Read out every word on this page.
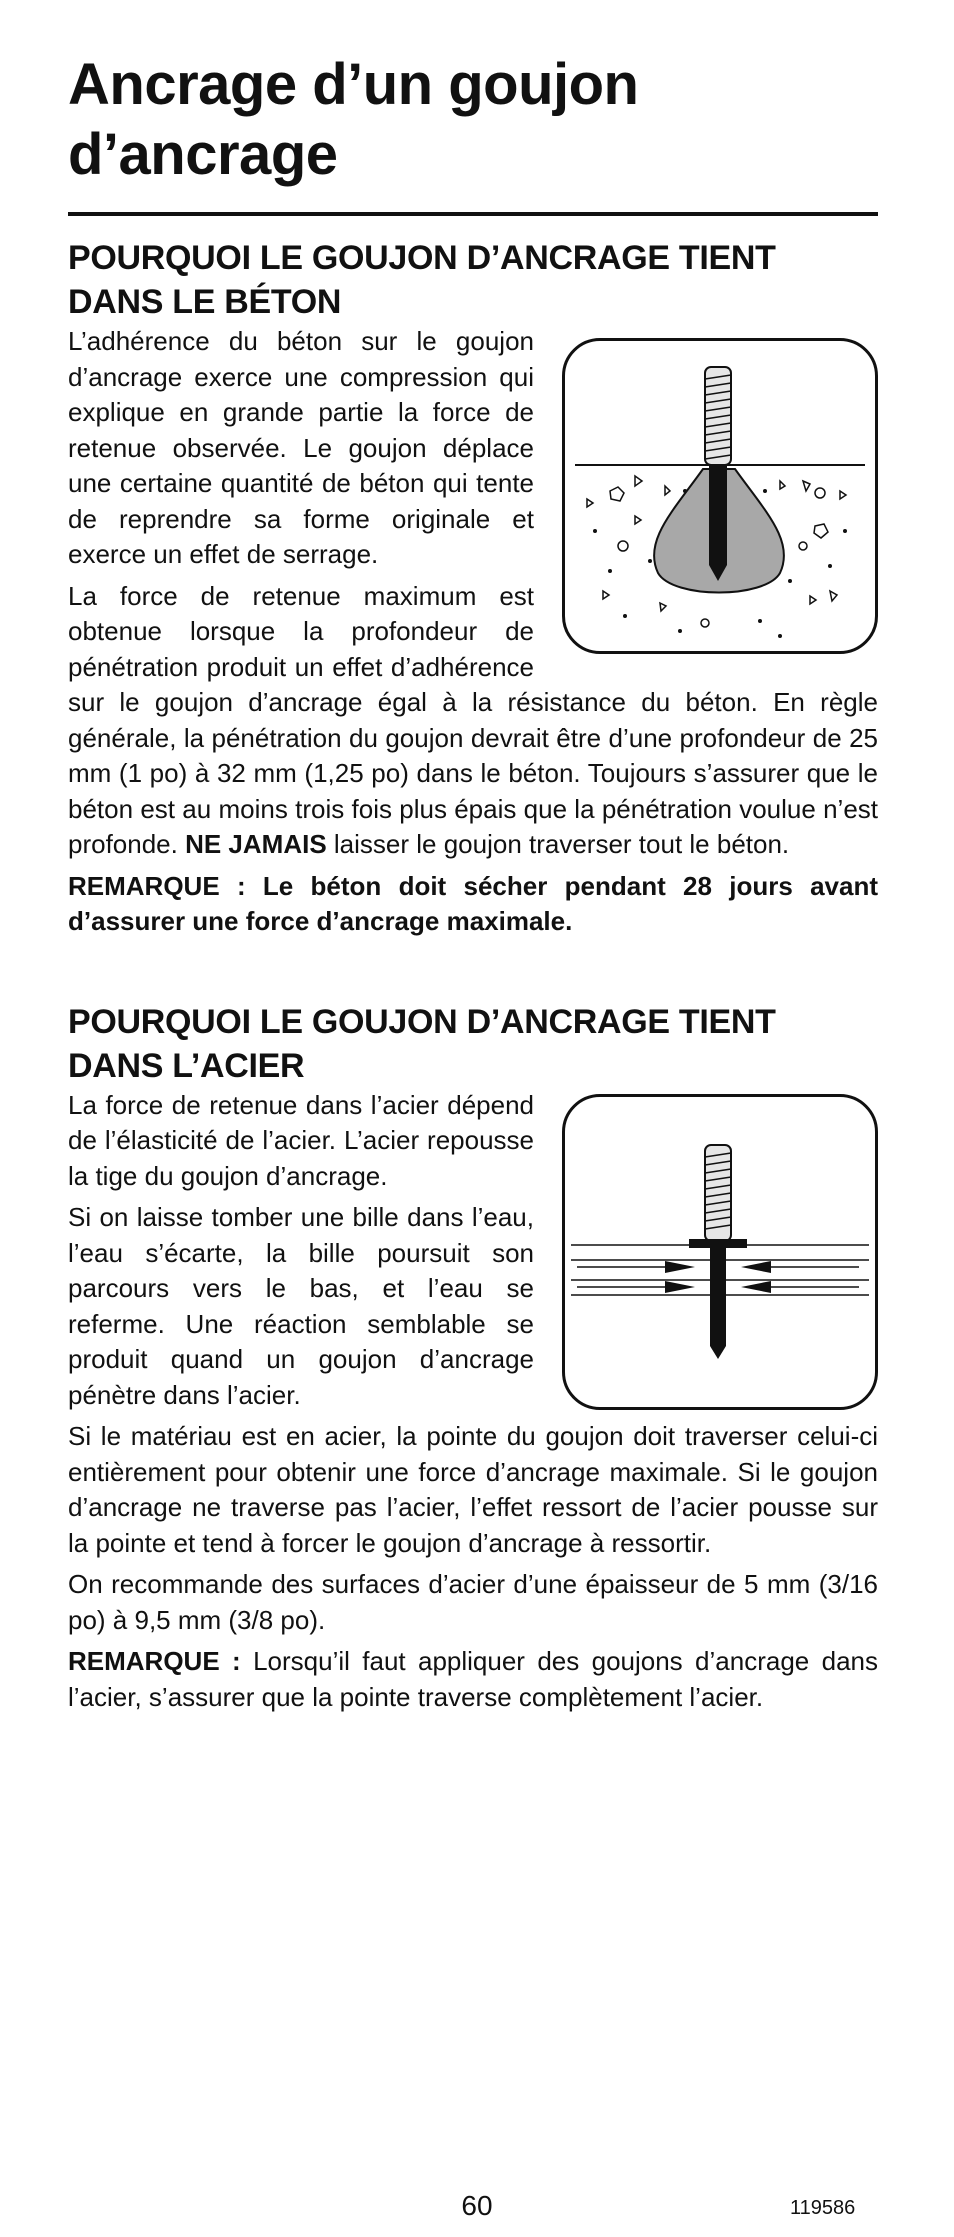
Ancrage d’un goujon d’ancrage
POURQUOI LE GOUJON D’ANCRAGE TIENT DANS LE BÉTON

L’adhérence du béton sur le goujon d’ancrage exerce une compression qui explique en grande partie la force de retenue observée. Le goujon déplace une certaine quantité de béton qui tente de reprendre sa forme originale et exerce un effet de serrage.

La force de retenue maximum est obtenue lorsque la profondeur de pénétration produit un effet d’adhérence sur le goujon d’ancrage égal à la résistance du béton. En règle générale, la pénétration du goujon devrait être d’une profondeur de 25 mm (1 po) à 32 mm (1,25 po) dans le béton. Toujours s’assurer que le béton est au moins trois fois plus épais que la pénétration voulue n’est profonde. NE JAMAIS laisser le goujon traverser tout le béton.

REMARQUE : Le béton doit sécher pendant 28 jours avant d’assurer une force d’ancrage maximale.

POURQUOI LE GOUJON D’ANCRAGE TIENT DANS L’ACIER

La force de retenue dans l’acier dépend de l’élasticité de l’acier. L’acier repousse la tige du goujon d’ancrage.

Si on laisse tomber une bille dans l’eau, l’eau s’écarte, la bille poursuit son parcours vers le bas, et l’eau se referme. Une réaction semblable se produit quand un goujon d’ancrage pénètre dans l’acier.

Si le matériau est en acier, la pointe du goujon doit traverser celui-ci entièrement pour obtenir une force d’ancrage maximale. Si le goujon d’ancrage ne traverse pas l’acier, l’effet ressort de l’acier pousse sur la pointe et tend à forcer le goujon d’ancrage à ressortir.

On recommande des surfaces d’acier d’une épaisseur de 5 mm (3/16 po) à 9,5 mm (3/8 po).

REMARQUE : Lorsqu’il faut appliquer des goujons d’ancrage dans l’acier, s’assurer que la pointe traverse complètement l’acier.

60	119586
